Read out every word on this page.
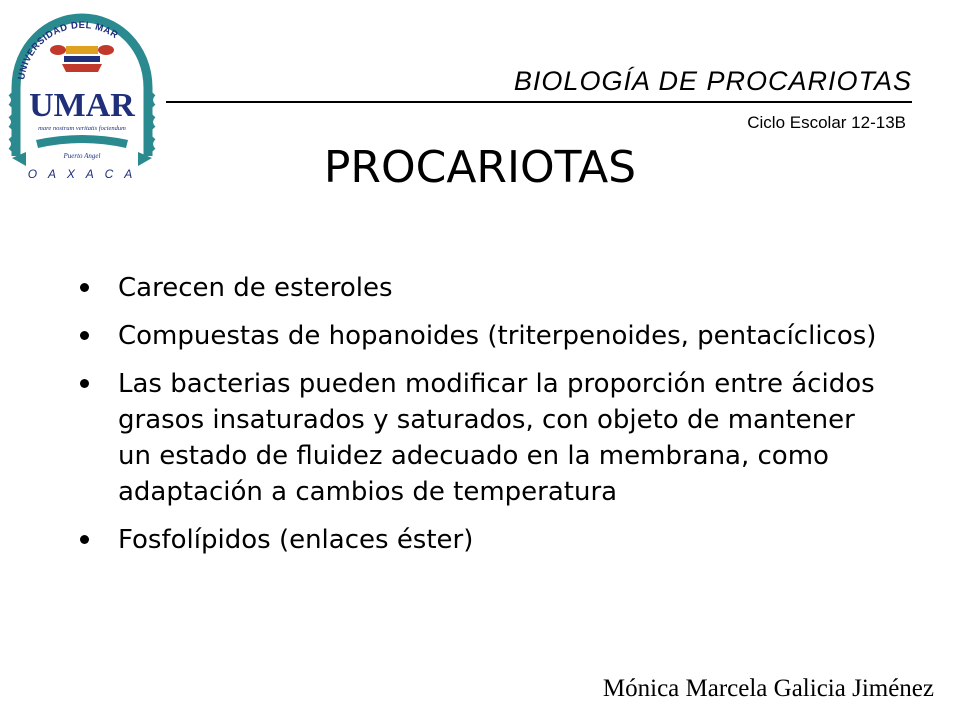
UNIVERSIDAD DEL MAR
UMAR
mare nostrum veritatis fociendum
Puerto Angel
O A X A C A
BIOLOGÍA DE PROCARIOTAS
Ciclo Escolar 12-13B
PROCARIOTAS
Carecen de esteroles
Compuestas de hopanoides (triterpenoides, pentacíclicos)
Las bacterias pueden modificar la proporción entre ácidos grasos insaturados y saturados, con objeto de mantener un estado de fluidez adecuado en la membrana, como adaptación a cambios de temperatura
Fosfolípidos (enlaces éster)
Mónica Marcela Galicia Jiménez
